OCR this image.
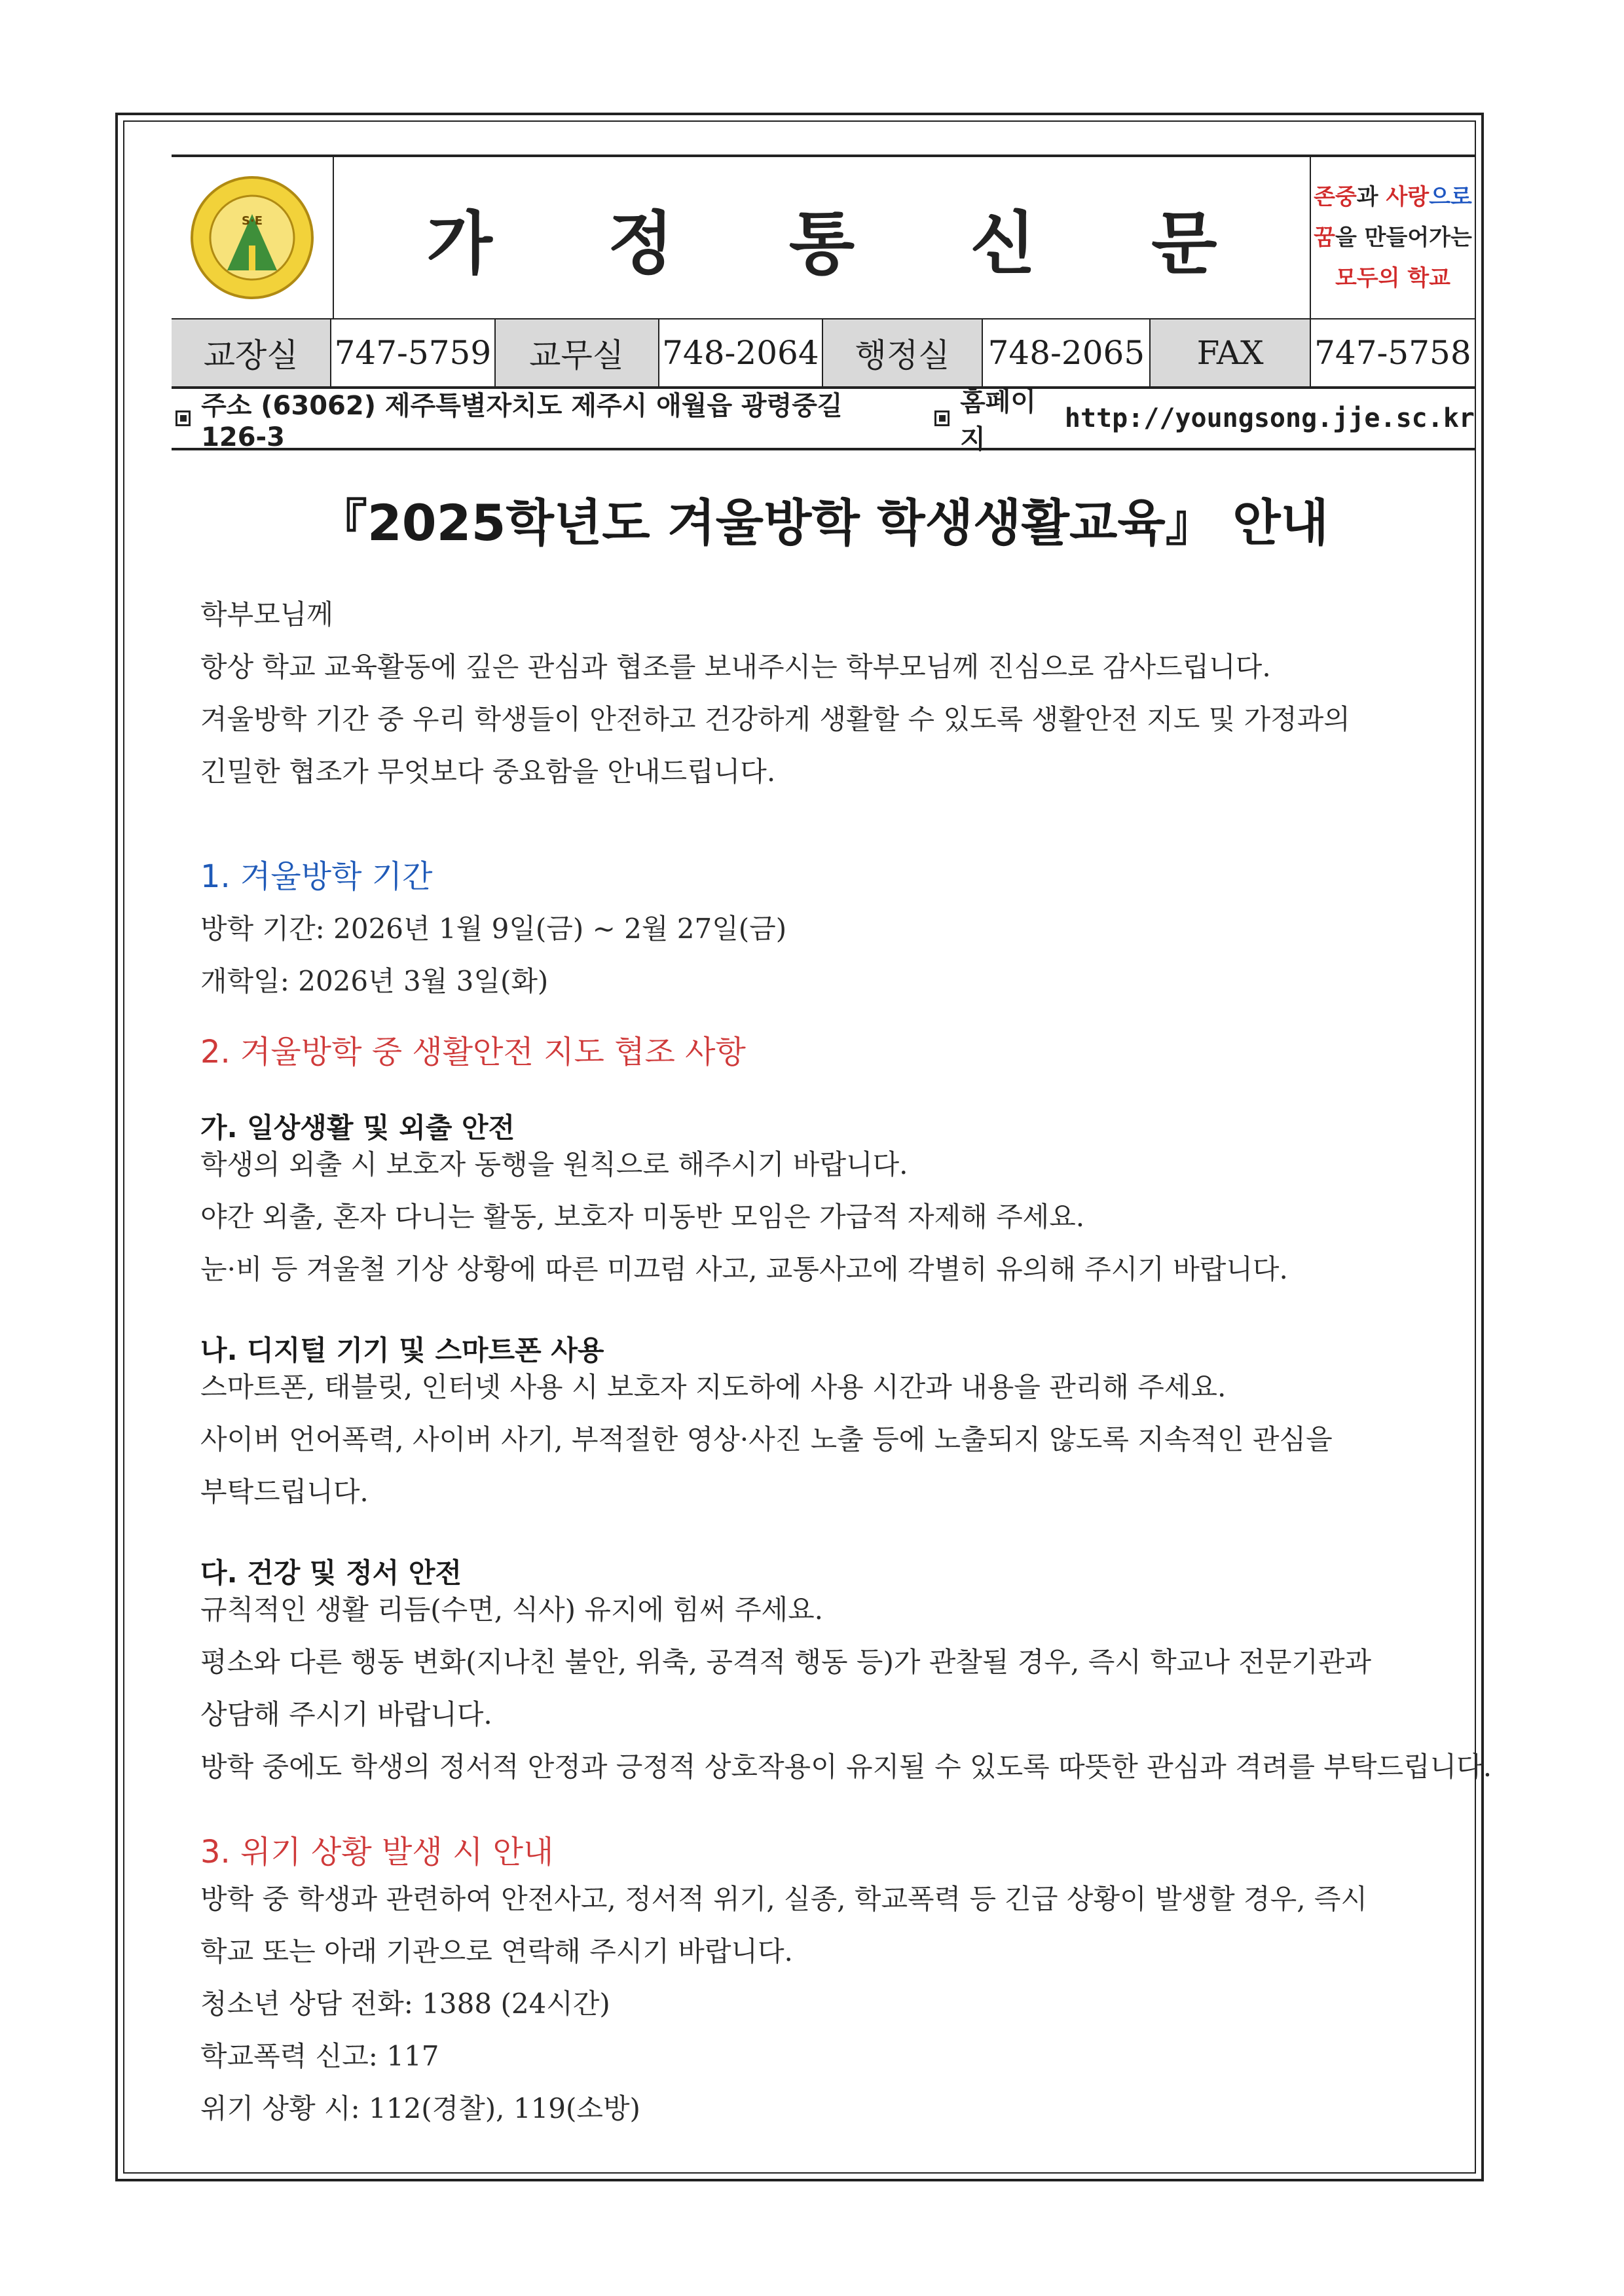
S·E	가 정 통 신 문
존중과 사랑으로
꿈을 만들어가는
모두의 학교
교장실	747-5759	교무실	748-2064	행정실	748-2065	FAX	747-5758
주소 (63062) 제주특별자치도 제주시 애월읍 광령중길 126-3
홈페이지
http://youngsong.jje.sc.kr
『2025학년도 겨울방학 학생생활교육』 안내
학부모님께
항상 학교 교육활동에 깊은 관심과 협조를 보내주시는 학부모님께 진심으로 감사드립니다.
겨울방학 기간 중 우리 학생들이 안전하고 건강하게 생활할 수 있도록 생활안전 지도 및 가정과의
긴밀한 협조가 무엇보다 중요함을 안내드립니다.
1. 겨울방학 기간
방학 기간: 2026년 1월 9일(금) ~ 2월 27일(금)
개학일: 2026년 3월 3일(화)
2. 겨울방학 중 생활안전 지도 협조 사항
가. 일상생활 및 외출 안전
학생의 외출 시 보호자 동행을 원칙으로 해주시기 바랍니다.
야간 외출, 혼자 다니는 활동, 보호자 미동반 모임은 가급적 자제해 주세요.
눈·비 등 겨울철 기상 상황에 따른 미끄럼 사고, 교통사고에 각별히 유의해 주시기 바랍니다.
나. 디지털 기기 및 스마트폰 사용
스마트폰, 태블릿, 인터넷 사용 시 보호자 지도하에 사용 시간과 내용을 관리해 주세요.
사이버 언어폭력, 사이버 사기, 부적절한 영상·사진 노출 등에 노출되지 않도록 지속적인 관심을
부탁드립니다.
다. 건강 및 정서 안전
규칙적인 생활 리듬(수면, 식사) 유지에 힘써 주세요.
평소와 다른 행동 변화(지나친 불안, 위축, 공격적 행동 등)가 관찰될 경우, 즉시 학교나 전문기관과
상담해 주시기 바랍니다.
방학 중에도 학생의 정서적 안정과 긍정적 상호작용이 유지될 수 있도록 따뜻한 관심과 격려를 부탁드립니다.
3. 위기 상황 발생 시 안내
방학 중 학생과 관련하여 안전사고, 정서적 위기, 실종, 학교폭력 등 긴급 상황이 발생할 경우, 즉시
학교 또는 아래 기관으로 연락해 주시기 바랍니다.
청소년 상담 전화: 1388 (24시간)
학교폭력 신고: 117
위기 상황 시: 112(경찰), 119(소방)
